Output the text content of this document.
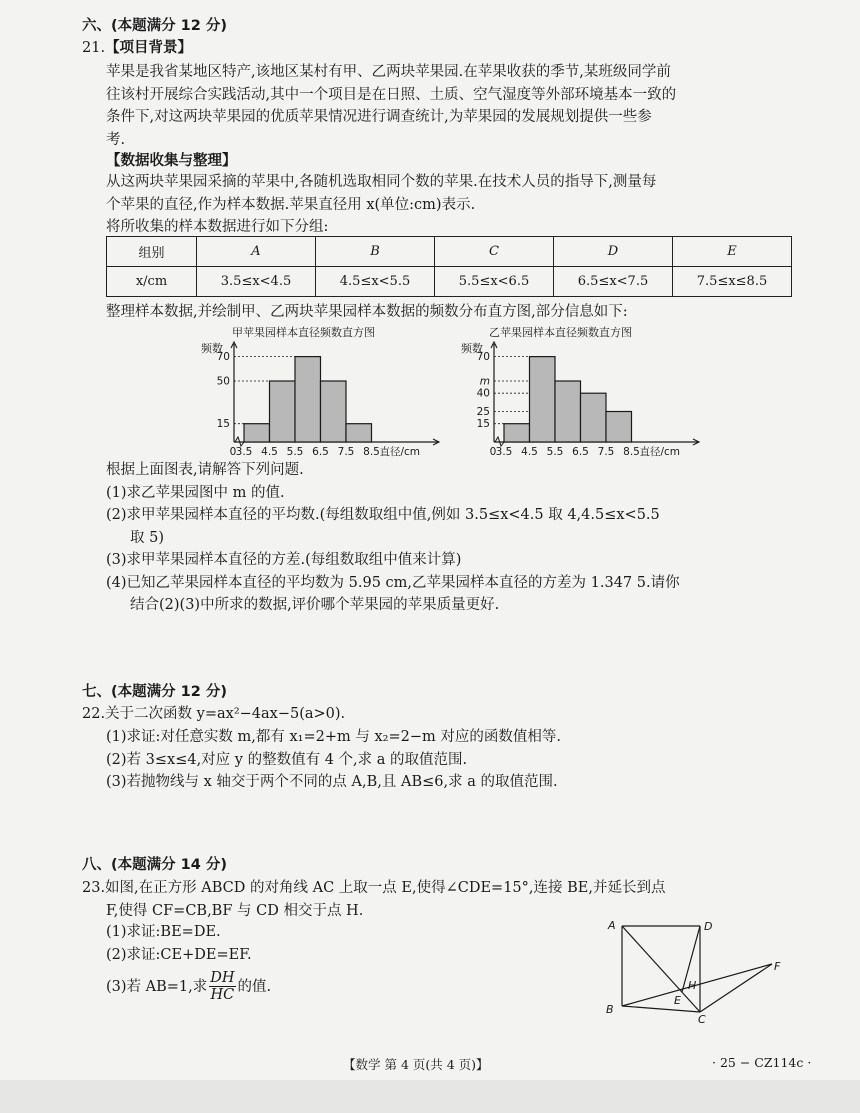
六、(本题满分 12 分)
21.【项目背景】
苹果是我省某地区特产,该地区某村有甲、乙两块苹果园.在苹果收获的季节,某班级同学前
往该村开展综合实践活动,其中一个项目是在日照、土质、空气湿度等外部环境基本一致的
条件下,对这两块苹果园的优质苹果情况进行调查统计,为苹果园的发展规划提供一些参
考.
【数据收集与整理】
从这两块苹果园采摘的苹果中,各随机选取相同个数的苹果.在技术人员的指导下,测量每
个苹果的直径,作为样本数据.苹果直径用 x(单位:cm)表示.
将所收集的样本数据进行如下分组:
组别	A	B	C	D	E
x/cm	3.5≤x<4.5	4.5≤x<5.5	5.5≤x<6.5	6.5≤x<7.5	7.5≤x≤8.5
整理样本数据,并绘制甲、乙两块苹果园样本数据的频数分布直方图,部分信息如下:
甲苹果园样本直径频数直方图	乙苹果园样本直径频数直方图
频数
15
50
70
0 3.5 4.5 5.5 6.5 7.5 8.5 直径/cm
频数
15
25
40
m
70
0 3.5 4.5 5.5 6.5 7.5 8.5 直径/cm
根据上面图表,请解答下列问题.
(1)求乙苹果园图中 m 的值.
(2)求甲苹果园样本直径的平均数.(每组数取组中值,例如 3.5≤x<4.5 取 4,4.5≤x<5.5
取 5)
(3)求甲苹果园样本直径的方差.(每组数取组中值来计算)
(4)已知乙苹果园样本直径的平均数为 5.95 cm,乙苹果园样本直径的方差为 1.347 5.请你
结合(2)(3)中所求的数据,评价哪个苹果园的苹果质量更好.
七、(本题满分 12 分)
22.关于二次函数 y=ax²−4ax−5(a>0).
(1)求证:对任意实数 m,都有 x₁=2+m 与 x₂=2−m 对应的函数值相等.
(2)若 3≤x≤4,对应 y 的整数值有 4 个,求 a 的取值范围.
(3)若抛物线与 x 轴交于两个不同的点 A,B,且 AB≤6,求 a 的取值范围.
八、(本题满分 14 分)
23.如图,在正方形 ABCD 的对角线 AC 上取一点 E,使得∠CDE=15°,连接 BE,并延长到点
F,使得 CF=CB,BF 与 CD 相交于点 H.
(1)求证:BE=DE.
(2)求证:CE+DE=EF.
(3)若 AB=1,求 $\frac{DH}{HC}$ 的值.
A	D
B
C
E
F
H
【数学 第 4 页(共 4 页)】	· 25 − CZ114c ·
